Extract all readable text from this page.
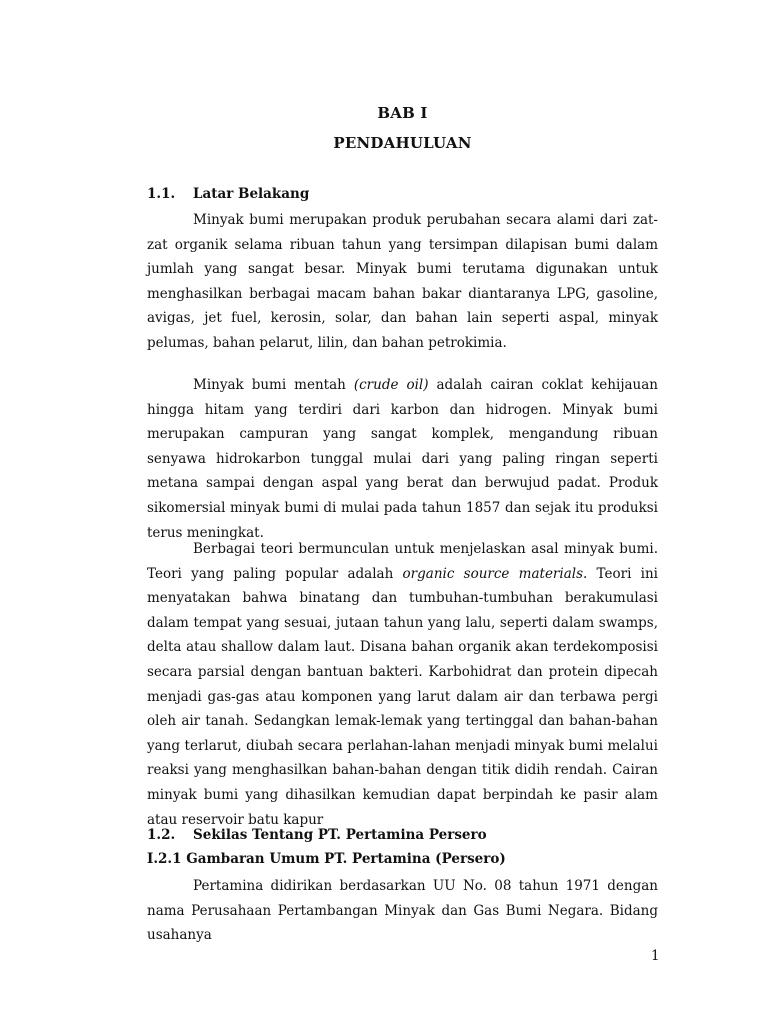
BAB I
PENDAHULUAN
1.1. Latar Belakang

Minyak bumi merupakan produk perubahan secara alami dari zat-zat organik selama ribuan tahun yang tersimpan dilapisan bumi dalam jumlah yang sangat besar. Minyak bumi terutama digunakan untuk menghasilkan berbagai macam bahan bakar diantaranya LPG, gasoline, avigas, jet fuel, kerosin, solar, dan bahan lain seperti aspal, minyak pelumas, bahan pelarut, lilin, dan bahan petrokimia.

Minyak bumi mentah (crude oil) adalah cairan coklat kehijauan hingga hitam yang terdiri dari karbon dan hidrogen. Minyak bumi merupakan campuran yang sangat komplek, mengandung ribuan senyawa hidrokarbon tunggal mulai dari yang paling ringan seperti metana sampai dengan aspal yang berat dan berwujud padat. Produk sikomersial minyak bumi di mulai pada tahun 1857 dan sejak itu produksi terus meningkat.

Berbagai teori bermunculan untuk menjelaskan asal minyak bumi. Teori yang paling popular adalah organic source materials. Teori ini menyatakan bahwa binatang dan tumbuhan-tumbuhan berakumulasi dalam tempat yang sesuai, jutaan tahun yang lalu, seperti dalam swamps, delta atau shallow dalam laut. Disana bahan organik akan terdekomposisi secara parsial dengan bantuan bakteri. Karbohidrat dan protein dipecah menjadi gas-gas atau komponen yang larut dalam air dan terbawa pergi oleh air tanah. Sedangkan lemak-lemak yang tertinggal dan bahan-bahan yang terlarut, diubah secara perlahan-lahan menjadi minyak bumi melalui reaksi yang menghasilkan bahan-bahan dengan titik didih rendah. Cairan minyak bumi yang dihasilkan kemudian dapat berpindah ke pasir alam atau reservoir batu kapur

1.2. Sekilas Tentang PT. Pertamina Persero
I.2.1 Gambaran Umum PT. Pertamina (Persero)

Pertamina didirikan berdasarkan UU No. 08 tahun 1971 dengan nama Perusahaan Pertambangan Minyak dan Gas Bumi Negara. Bidang usahanya

1
